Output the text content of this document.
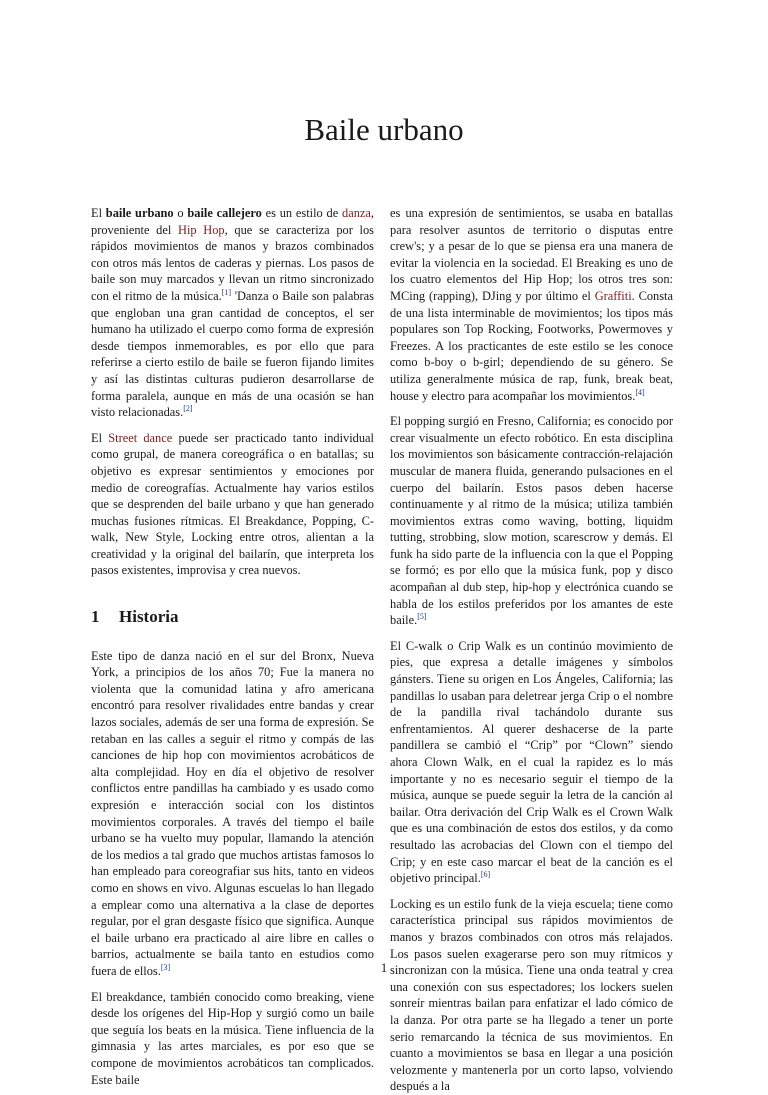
Baile urbano

El baile urbano o baile callejero es un estilo de danza, proveniente del Hip Hop, que se caracteriza por los rápidos movimientos de manos y brazos combinados con otros más lentos de caderas y piernas. Los pasos de baile son muy marcados y llevan un ritmo sincronizado con el ritmo de la música.[1] 'Danza o Baile son palabras que engloban una gran cantidad de conceptos, el ser humano ha utilizado el cuerpo como forma de expresión desde tiempos inmemorables, es por ello que para referirse a cierto estilo de baile se fueron fijando limites y así las distintas culturas pudieron desarrollarse de forma paralela, aunque en más de una ocasión se han visto relacionadas.[2]

El Street dance puede ser practicado tanto individual como grupal, de manera coreográfica o en batallas; su objetivo es expresar sentimientos y emociones por medio de coreografías. Actualmente hay varios estilos que se desprenden del baile urbano y que han generado muchas fusiones rítmicas. El Breakdance, Popping, C-walk, New Style, Locking entre otros, alientan a la creatividad y la original del bailarín, que interpreta los pasos existentes, improvisa y crea nuevos.

1 Historia

Este tipo de danza nació en el sur del Bronx, Nueva York, a principios de los años 70; Fue la manera no violenta que la comunidad latina y afro americana encontró para resolver rivalidades entre bandas y crear lazos sociales, además de ser una forma de expresión. Se retaban en las calles a seguir el ritmo y compás de las canciones de hip hop con movimientos acrobáticos de alta complejidad. Hoy en día el objetivo de resolver conflictos entre pandillas ha cambiado y es usado como expresión e interacción social con los distintos movimientos corporales. A través del tiempo el baile urbano se ha vuelto muy popular, llamando la atención de los medios a tal grado que muchos artistas famosos lo han empleado para coreografiar sus hits, tanto en videos como en shows en vivo. Algunas escuelas lo han llegado a emplear como una alternativa a la clase de deportes regular, por el gran desgaste físico que significa. Aunque el baile urbano era practicado al aire libre en calles o barrios, actualmente se baila tanto en estudios como fuera de ellos.[3]

El breakdance, también conocido como breaking, viene desde los orígenes del Hip-Hop y surgió como un baile que seguía los beats en la música. Tiene influencia de la gimnasia y las artes marciales, es por eso que se compone de movimientos acrobáticos tan complicados. Este baile

es una expresión de sentimientos, se usaba en batallas para resolver asuntos de territorio o disputas entre crew's; y a pesar de lo que se piensa era una manera de evitar la violencia en la sociedad. El Breaking es uno de los cuatro elementos del Hip Hop; los otros tres son: MCing (rapping), DJing y por último el Graffiti. Consta de una lista interminable de movimientos; los tipos más populares son Top Rocking, Footworks, Powermoves y Freezes. A los practicantes de este estilo se les conoce como b-boy o b-girl; dependiendo de su género. Se utiliza generalmente música de rap, funk, break beat, house y electro para acompañar los movimientos.[4]

El popping surgió en Fresno, California; es conocido por crear visualmente un efecto robótico. En esta disciplina los movimientos son básicamente contracción-relajación muscular de manera fluida, generando pulsaciones en el cuerpo del bailarín. Estos pasos deben hacerse continuamente y al ritmo de la música; utiliza también movimientos extras como waving, botting, liquidm tutting, strobbing, slow motion, scarescrow y demás. El funk ha sido parte de la influencia con la que el Popping se formó; es por ello que la música funk, pop y disco acompañan al dub step, hip-hop y electrónica cuando se habla de los estilos preferidos por los amantes de este baile.[5]

El C-walk o Crip Walk es un continúo movimiento de pies, que expresa a detalle imágenes y símbolos gánsters. Tiene su origen en Los Ángeles, California; las pandillas lo usaban para deletrear jerga Crip o el nombre de la pandilla rival tachándolo durante sus enfrentamientos. Al querer deshacerse de la parte pandillera se cambió el “Crip” por “Clown” siendo ahora Clown Walk, en el cual la rapidez es lo más importante y no es necesario seguir el tiempo de la música, aunque se puede seguir la letra de la canción al bailar. Otra derivación del Crip Walk es el Crown Walk que es una combinación de estos dos estilos, y da como resultado las acrobacias del Clown con el tiempo del Crip; y en este caso marcar el beat de la canción es el objetivo principal.[6]

Locking es un estilo funk de la vieja escuela; tiene como característica principal sus rápidos movimientos de manos y brazos combinados con otros más relajados. Los pasos suelen exagerarse pero son muy rítmicos y sincronizan con la música. Tiene una onda teatral y crea una conexión con sus espectadores; los lockers suelen sonreír mientras bailan para enfatizar el lado cómico de la danza. Por otra parte se ha llegado a tener un porte serio remarcando la técnica de sus movimientos. En cuanto a movimientos se basa en llegar a una posición velozmente y mantenerla por un corto lapso, volviendo después a la

1
